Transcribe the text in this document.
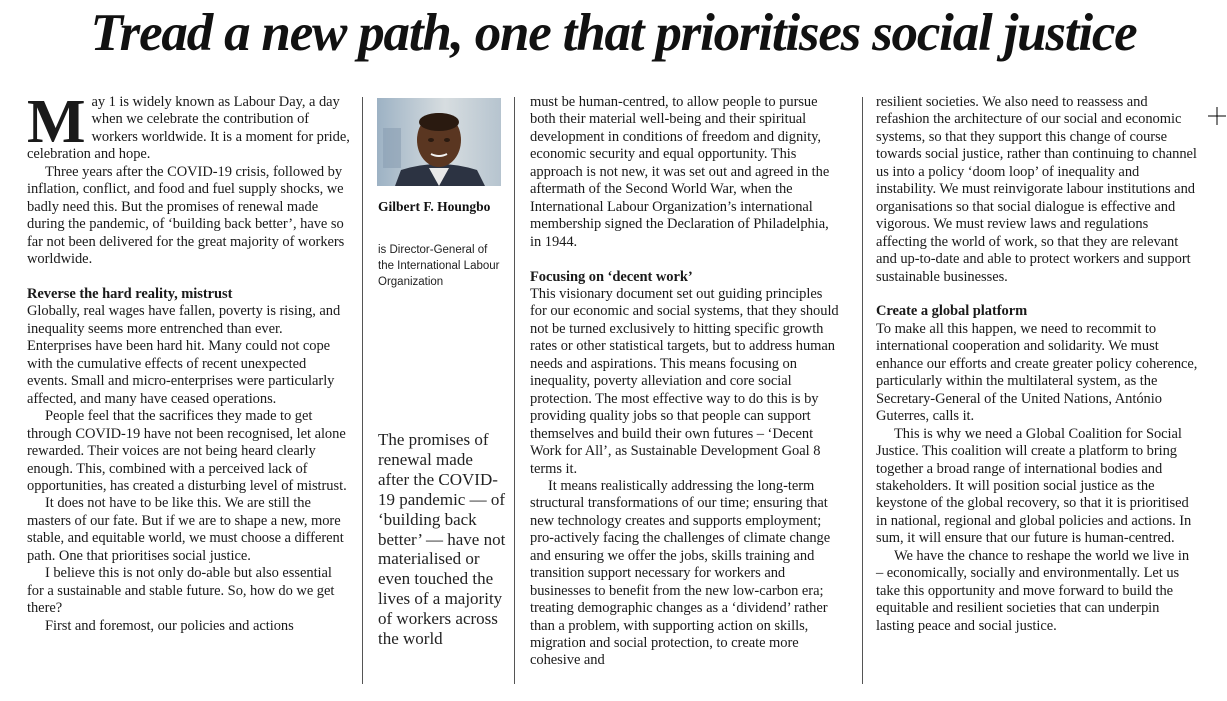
Tread a new path, one that prioritises social justice

May 1 is widely known as Labour Day, a day when we celebrate the contribution of workers worldwide. It is a moment for pride, celebration and hope.

Three years after the COVID-19 crisis, followed by inflation, conflict, and food and fuel supply shocks, we badly need this. But the promises of renewal made during the pandemic, of ‘building back better’, have so far not been delivered for the great majority of workers worldwide.

Reverse the hard reality, mistrust

Globally, real wages have fallen, poverty is rising, and inequality seems more entrenched than ever. Enterprises have been hard hit. Many could not cope with the cumulative effects of recent unexpected events. Small and micro-enterprises were particularly affected, and many have ceased operations.

People feel that the sacrifices they made to get through COVID-19 have not been recognised, let alone rewarded. Their voices are not being heard clearly enough. This, combined with a perceived lack of opportunities, has created a disturbing level of mistrust.

It does not have to be like this. We are still the masters of our fate. But if we are to shape a new, more stable, and equitable world, we must choose a different path. One that prioritises social justice.

I believe this is not only do-able but also essential for a sustainable and stable future. So, how do we get there?

First and foremost, our policies and actions

Gilbert F. Houngbo
is Director-General of the International Labour Organization
The promises of renewal made after the COVID-19 pandemic — of ‘building back better’ — have not materialised or even touched the lives of a majority of workers across the world

must be human-centred, to allow people to pursue both their material well-being and their spiritual development in conditions of freedom and dignity, economic security and equal opportunity. This approach is not new, it was set out and agreed in the aftermath of the Second World War, when the International Labour Organization’s international membership signed the Declaration of Philadelphia, in 1944.

Focusing on ‘decent work’

This visionary document set out guiding principles for our economic and social systems, that they should not be turned exclusively to hitting specific growth rates or other statistical targets, but to address human needs and aspirations. This means focusing on inequality, poverty alleviation and core social protection. The most effective way to do this is by providing quality jobs so that people can support themselves and build their own futures – ‘Decent Work for All’, as Sustainable Development Goal 8 terms it.

It means realistically addressing the long-term structural transformations of our time; ensuring that new technology creates and supports employment; pro-actively facing the challenges of climate change and ensuring we offer the jobs, skills training and transition support necessary for workers and businesses to benefit from the new low-carbon era; treating demographic changes as a ‘dividend’ rather than a problem, with supporting action on skills, migration and social protection, to create more cohesive and

resilient societies. We also need to reassess and refashion the architecture of our social and economic systems, so that they support this change of course towards social justice, rather than continuing to channel us into a policy ‘doom loop’ of inequality and instability. We must reinvigorate labour institutions and organisations so that social dialogue is effective and vigorous. We must review laws and regulations affecting the world of work, so that they are relevant and up-to-date and able to protect workers and support sustainable businesses.

Create a global platform

To make all this happen, we need to recommit to international cooperation and solidarity. We must enhance our efforts and create greater policy coherence, particularly within the multilateral system, as the Secretary-General of the United Nations, António Guterres, calls it.

This is why we need a Global Coalition for Social Justice. This coalition will create a platform to bring together a broad range of international bodies and stakeholders. It will position social justice as the keystone of the global recovery, so that it is prioritised in national, regional and global policies and actions. In sum, it will ensure that our future is human-centred.

We have the chance to reshape the world we live in – economically, socially and environmentally. Let us take this opportunity and move forward to build the equitable and resilient societies that can underpin lasting peace and social justice.
